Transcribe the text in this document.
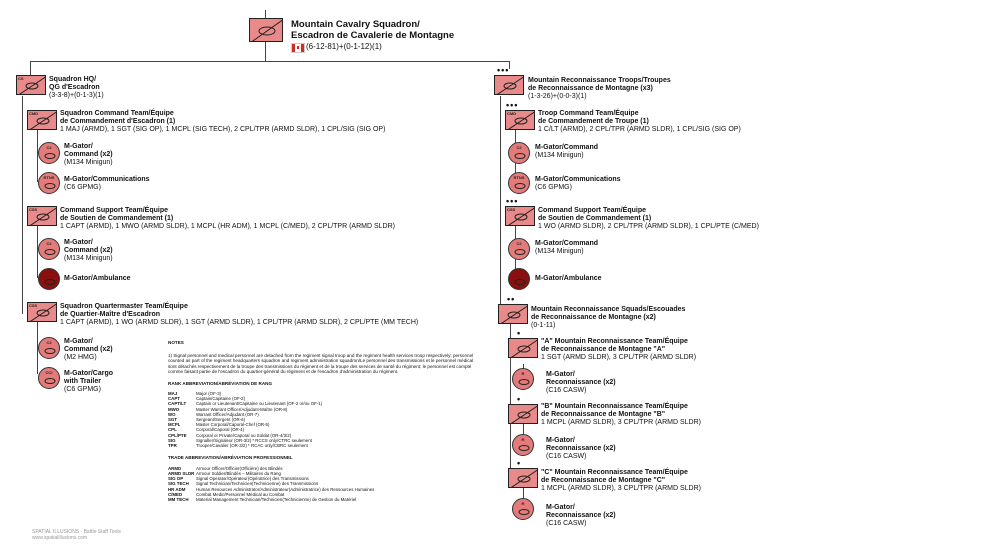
Mountain Cavalry Squadron/
Escadron de Cavalerie de Montagne
(6-12-81)+(0-1-12)(1)
CS	Squadron HQ/
QG d'Escadron
(3-3-8)+(0-1-3)(1)
CMD	Squadron Command Team/Équipe
de Commandement d'Escadron (1)
1 MAJ (ARMD), 1 SGT (SIG OP), 1 MCPL (SIG TECH), 2 CPL/TPR (ARMD SLDR), 1 CPL/SIG (SIG OP)
C2	M-Gator/
Command (x2)
(M134 Minigun)
RTNS	M-Gator/Communications
(C6 GPMG)
CSS	Command Support Team/Équipe
de Soutien de Commandement (1)
1 CAPT (ARMD), 1 MWO (ARMD SLDR), 1 MCPL (HR ADM), 1 MCPL (C/MED), 2 CPL/TPR (ARMD SLDR)
C2	M-Gator/
Command (x2)
(M134 Minigun)
M-Gator/Ambulance
CSS	Squadron Quartermaster Team/Équipe
de Quartier-Maître d'Escadron
1 CAPT (ARMD), 1 WO (ARMD SLDR), 1 SGT (ARMD SLDR), 1 CPL/TPR (ARMD SLDR), 2 CPL/PTE (MM TECH)
C2	M-Gator/
Command (x2)
(M2 HMG)
CCI	M-Gator/Cargo
with Trailer
(C6 GPMG)
•••
Mountain Reconnaissance Troops/Troupes
de Reconnaissance de Montagne (x3)
(1-3-26)+(0-0-3)(1)
•••
CMD	Troop Command Team/Équipe
de Commandement de Troupe (1)
1 C/LT (ARMD), 2 CPL/TPR (ARMD SLDR), 1 CPL/SIG (SIG OP)
C2	M-Gator/Command
(M134 Minigun)
RTNS	M-Gator/Communications
(C6 GPMG)
•••
CSS	Command Support Team/Équipe
de Soutien de Commandement (1)
1 WO (ARMD SLDR), 2 CPL/TPR (ARMD SLDR), 1 CPL/PTE (C/MED)
C2	M-Gator/Command
(M134 Minigun)
M-Gator/Ambulance
••
Mountain Reconnaissance Squads/Escouades
de Reconnaissance de Montagne (x2)
(0-1-11)
•
"A" Mountain Reconnaissance Team/Équipe
de Reconnaissance de Montagne "A"
1 SGT (ARMD SLDR), 3 CPL/TPR (ARMD SLDR)
R	M-Gator/
Reconnaissance (x2)
(C16 CASW)
•
"B" Mountain Reconnaissance Team/Équipe
de Reconnaissance de Montagne "B"
1 MCPL (ARMD SLDR), 3 CPL/TPR (ARMD SLDR)
R	M-Gator/
Reconnaissance (x2)
(C16 CASW)
•
"C" Mountain Reconnaissance Team/Équipe
de Reconnaissance de Montagne "C"
1 MCPL (ARMD SLDR), 3 CPL/TPR (ARMD SLDR)
R
M-Gator/
Reconnaissance (x2)
(C16 CASW)
NOTES
1) Signal personnel and medical personnel are detached from the regiment signal troop and the regiment health services troop respectively; personnel counted as part of the regiment headquarters squadron and regiment administration squadron/Le personnel des transmissions et le personnel médical sont détachés respectivement de la troupe des transmissions du régiment et de la troupe des services de santé du régiment; le personnel est compté comme faisant partie de l'escadron du quartier-général du régiment et de l'escadron d'administration du régiment.
RANK ABBREVIATION/ABRÉVIATION DE RANG
MAJ	Major (OF-3)
CAPT	Captain/Capitaine (OF-2)
CAPT/LT	Captain or Lieutenant/Capitaine ou Lieutenant (OF-2 or/ou OF-1)
MWO	Master Warrant Officer/Adjudant-Maître (OR-8)
WO	Warrant Officer/Adjudant (OR-7)
SGT	Sergeant/Sergent (OR-6)
MCPL	Master Corporal/Caporal-Chef (OR-5)
CPL	Corporal/Caporal (OR-4)
CPL/PTE	Corporal or Private/Caporal ou Soldat (OR-4/3/2)
SIG	Signaller/Signaleur (OR-3/2) * RCCS only/CTRC seulement
TPR	Trooper/Cavalier (OR-3/2) * RCAC only/CBRC seulement
TRADE ABBREVIATION/ABRÉVIATION PROFESSIONNEL
ARMD	Armour Officer/Officier(Officière) des Blindés
ARMD SLDR	Armour Soldier/Blindés – Militaires du Rang
SIG OP	Signal Operator/Opérateur(Opératrice) des Transmissions
SIG TECH	Signal Technician/Technicien(Technicienne) des Transmissions
HR ADM	Human Resources Administrator/Administrateur(Administratrice) des Ressources Humaines
C/MED	Combat Medic/Personnel Médical au Combat
MM TECH	Material Management Technician/Technicien(Technicienne) de Gestion du Matériel
SPATIAL ILLUSIONS - Battle Staff Tools
www.spatialillusions.com
